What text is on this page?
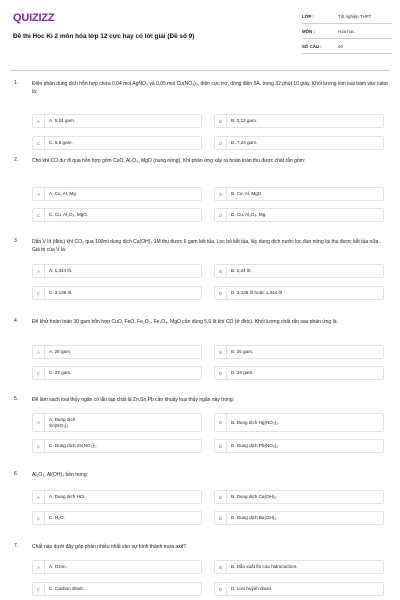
QUIZIZZ
Đề thi Học Kì 2 môn hóa lớp 12 cực hay có lời giải (Đề số 9)
LỚP :	Tốt nghiệp THPT
MÔN :	Hóa học
SỐ CÂU :	40
1.	Điện phân dung dịch hỗn hợp chứa 0,04 mol AgNO₃ và 0,05 mol Cu(NO₃)₂, điện cực trơ, dòng điện 5A, trong 32 phút 10 giây. Khối lượng kim loại bám vào catot là:
A	A. 6,24 gam.	B	B. 3,12 gam.
C	C. 6,5 gam.	D	D. 7,24 gam.
2.	Cho khí CO dư đi qua hỗn hợp gồm CuO, Al₂O₃, MgO (nung nóng). Khi phản ứng xảy ra hoàn toàn thu được chất rắn gồm:
A	A. Cu, Al, Mg.	B	B. Cu, Al, MgO.
C	C. Cu, Al₂O₃, MgO.	D	D. Cu, Al₂O₃, Mg.
3.	Dẫn V lít (đktc) khí CO₂ qua 100ml dung dịch Ca(OH)₂ 1M thu được 6 gam kết tủa. Lọc bỏ kết tủa, lấy dung dịch nước lọc đun nóng lại thu được kết tủa nữa. Giá trị của V là:
A	A. 1,344 lít.	B	B. 2,24 lít.
C	C. 3,136 lít.	D	D. 3,136 lít hoặc 1,344 lít
4.	Để khử hoàn toàn 30 gam hỗn hợp CuO, FeO, Fe₂O₃, Fe₃O₄, MgO cần dùng 5,6 lít khí CO (ở đktc). Khối lượng chất rắn sau phản ứng là:
A	A. 28 gam.	B	B. 26 gam.
C	C. 22 gam.	D	D. 24 gam.
5.	Để làm sạch loại thủy ngân có lẫn tạp chất là Zn,Sn,Pb cần khuấy loại thủy ngân này trong:
A
A. Dung dịch Sn(NO₃)₂.	B	B. Dung dịch Hg(NO₃)₂.
C	C. Dung dịch Zn(NO₃)₂.	D	D. Dung dịch Pb(NO₃)₂.
6.	Al₂O₃, Al(OH)₃ bền trong:
A	A. Dung dịch HCl.	B	B. Dung dịch Ca(OH)₂.
C	C. H₂O.	D	D. Dung dịch Ba(OH)₂.
7.	Chất nào dưới đây góp phần nhiều nhất vào sự hình thành mưa axit?
A	A. Ozon.	B	B. Dẫn xuất flo của hidrocacbon.
C	C. Cacbon đioxit.	D	D. Lưu huỳnh đioxit.
